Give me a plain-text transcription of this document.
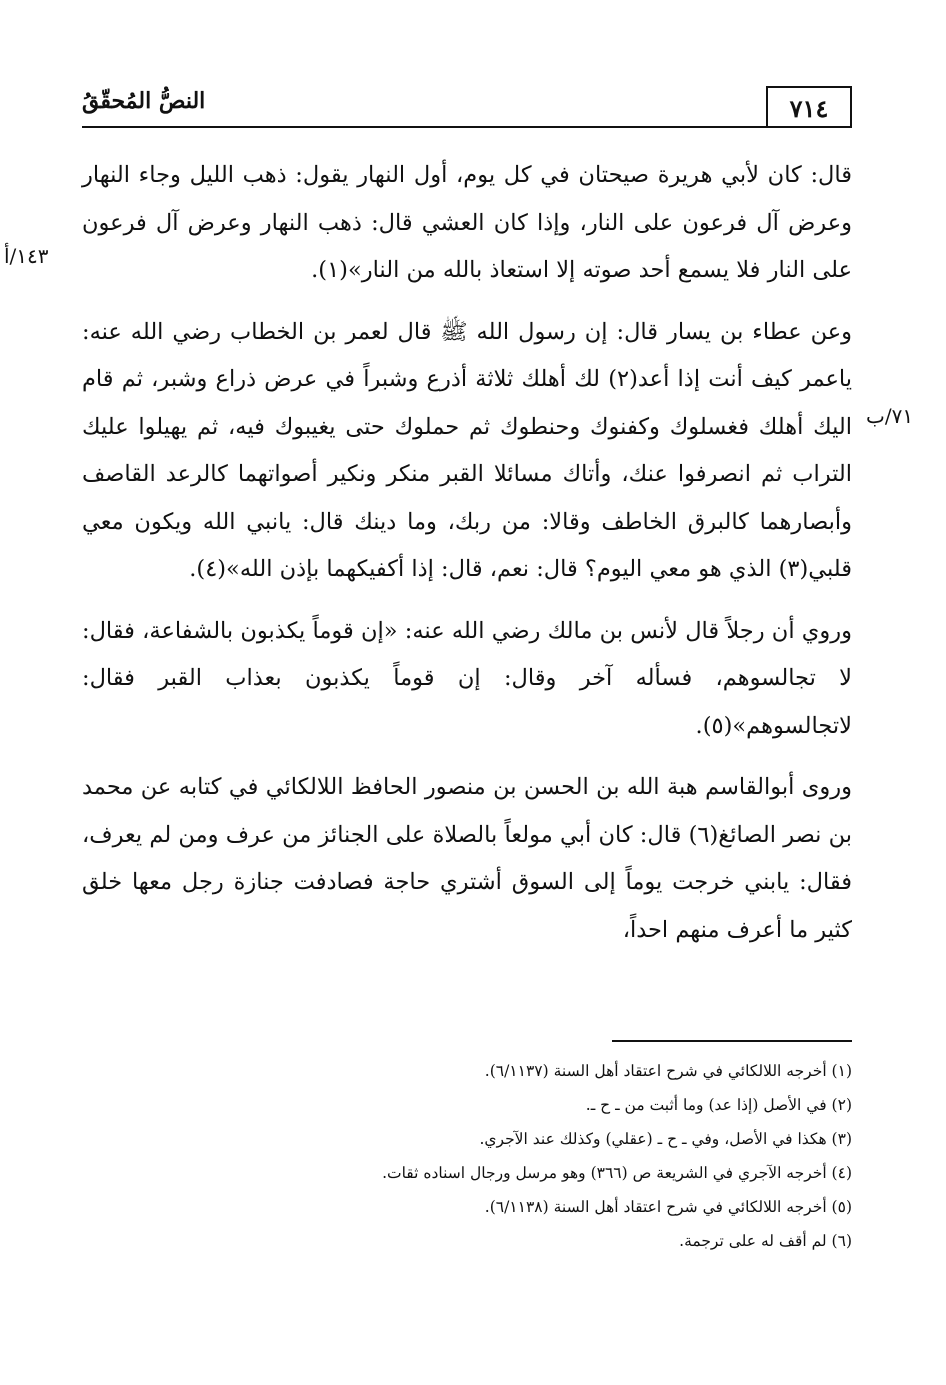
النصُّ المُحقّقُ	٧١٤
١٤٣/أ
٧١/ب

قال: كان لأبي هريرة صيحتان في كل يوم، أول النهار يقول: ذهب الليل وجاء النهار وعرض آل فرعون على النار، وإذا كان العشي قال: ذهب النهار وعرض آل فرعون على النار فلا يسمع أحد صوته إلا استعاذ بالله من النار»(١).

وعن عطاء بن يسار قال: إن رسول الله ﷺ قال لعمر بن الخطاب رضي الله عنه: ياعمر كيف أنت إذا أعد(٢) لك أهلك ثلاثة أذرع وشبراً في عرض ذراع وشبر، ثم قام اليك أهلك فغسلوك وكفنوك وحنطوك ثم حملوك حتى يغيبوك فيه، ثم يهيلوا عليك التراب ثم انصرفوا عنك، وأتاك مسائلا القبر منكر ونكير أصواتهما كالرعد القاصف وأبصارهما كالبرق الخاطف وقالا: من ربك، وما دينك قال: يانبي الله ويكون معي قلبي(٣) الذي هو معي اليوم؟ قال: نعم، قال: إذا أكفيكهما بإذن الله»(٤).

وروي أن رجلاً قال لأنس بن مالك رضي الله عنه: «إن قوماً يكذبون بالشفاعة، فقال: لا تجالسوهم، فسأله آخر وقال: إن قوماً يكذبون بعذاب القبر فقال: لاتجالسوهم»(٥).

وروى أبوالقاسم هبة الله بن الحسن بن منصور الحافظ اللالكائي في كتابه عن محمد بن نصر الصائغ(٦) قال: كان أبي مولعاً بالصلاة على الجنائز من عرف ومن لم يعرف، فقال: يابني خرجت يوماً إلى السوق أشتري حاجة فصادفت جنازة رجل معها خلق كثير ما أعرف منهم احداً،

(١) أخرجه اللالكائي في شرح اعتقاد أهل السنة (٦/١١٣٧).

(٢) في الأصل (إذا عد) وما أثبت من ـ ح ـ.

(٣) هكذا في الأصل، وفي ـ ح ـ (عقلي) وكذلك عند الآجري.

(٤) أخرجه الآجري في الشريعة ص (٣٦٦) وهو مرسل ورجال اسناده ثقات.

(٥) أخرجه اللالكائي في شرح اعتقاد أهل السنة (٦/١١٣٨).

(٦) لم أقف له على ترجمة.
